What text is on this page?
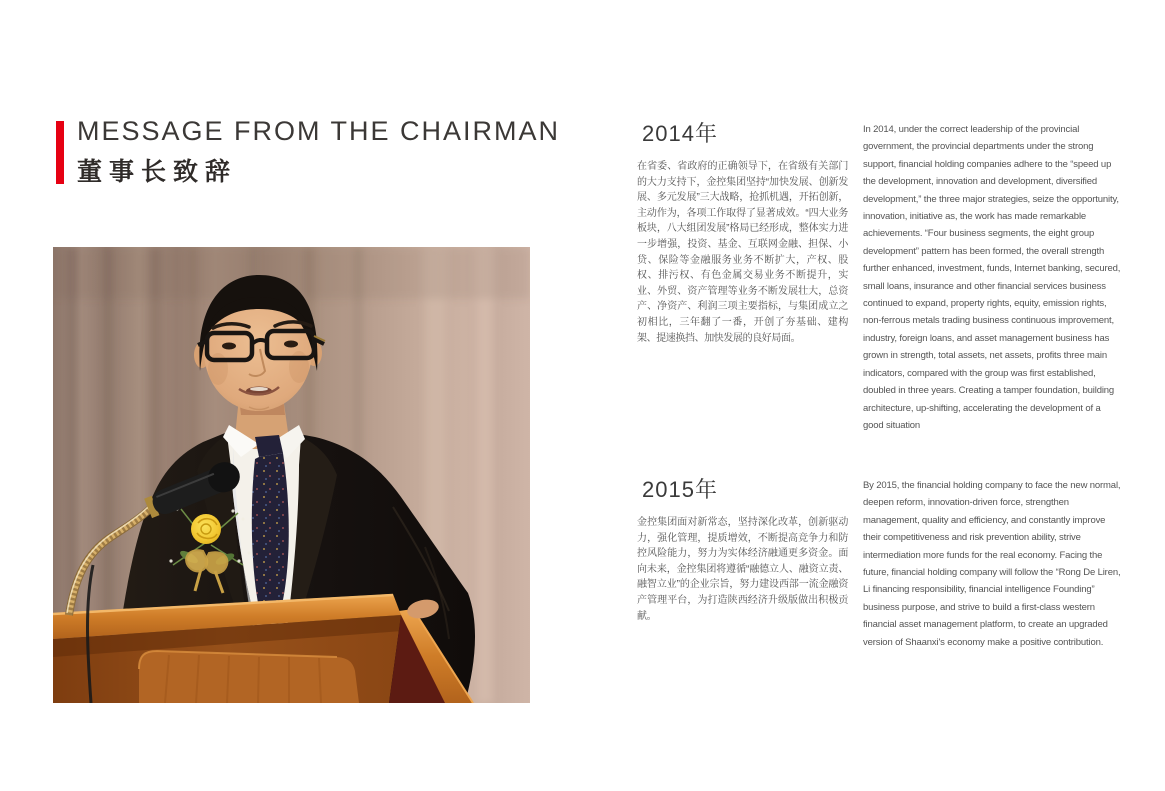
MESSAGE FROM THE CHAIRMAN
董事长致辞
2014年

在省委、省政府的正确领导下，在省级有关部门的大力支持下，金控集团坚持“加快发展、创新发展、多元发展”三大战略，抢抓机遇，开拓创新，主动作为，各项工作取得了显著成效。“四大业务板块，八大组团发展”格局已经形成，整体实力进一步增强，投资、基金、互联网金融、担保、小贷、保险等金融服务业务不断扩大，产权、股权、排污权、有色金属交易业务不断提升，实业、外贸、资产管理等业务不断发展壮大，总资产、净资产、利润三项主要指标，与集团成立之初相比，三年翻了一番，开创了夯基础、建构架、提速换挡、加快发展的良好局面。

2015年

金控集团面对新常态，坚持深化改革，创新驱动力，强化管理，提质增效，不断提高竞争力和防控风险能力，努力为实体经济融通更多资金。面向未来，金控集团将遵循“融德立人、融资立责、融智立业”的企业宗旨，努力建设西部一流金融资产管理平台，为打造陕西经济升级版做出积极贡献。

In 2014, under the correct leadership of the provincial government, the provincial departments under the strong support, financial holding companies adhere to the “speed up the development, innovation and development, diversified development,” the three major strategies, seize the opportunity, innovation, initiative as, the work has made remarkable achievements. “Four business segments, the eight group development” pattern has been formed, the overall strength further enhanced, investment, funds, Internet banking, secured, small loans, insurance and other financial services business continued to expand, property rights, equity, emission rights, non-ferrous metals trading business continuous improvement, industry, foreign loans, and asset management business has grown in strength, total assets, net assets, profits three main indicators, compared with the group was first established, doubled in three years. Creating a tamper foundation, building architecture, up-shifting, accelerating the development of a good situation
By 2015, the financial holding company to face the new normal, deepen reform, innovation-driven force, strengthen management, quality and efficiency, and constantly improve their competitiveness and risk prevention ability, strive intermediation more funds for the real economy. Facing the future, financial holding company will follow the “Rong De Liren, Li financing responsibility, financial intelligence Founding” business purpose, and strive to build a first-class western financial asset management platform, to create an upgraded version of Shaanxi's economy make a positive contribution.
